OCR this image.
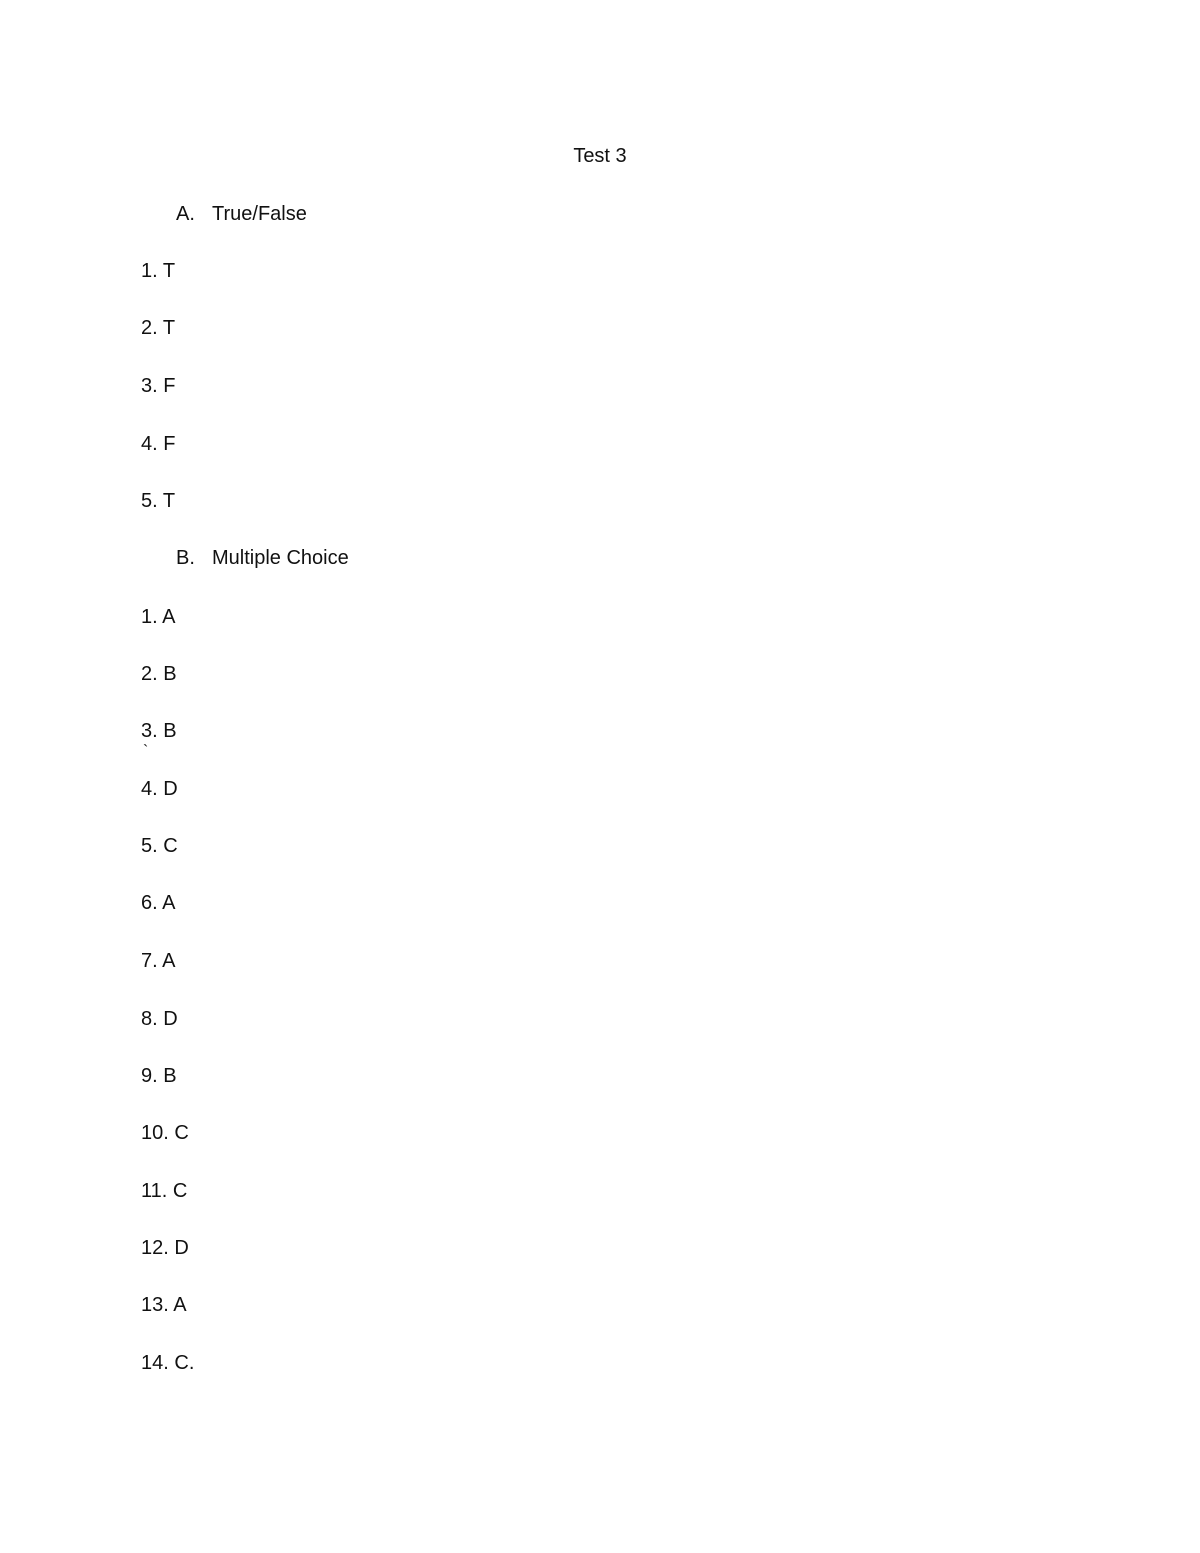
Test 3
A. True/False
1. T
2. T
3. F
4. F
5. T
B. Multiple Choice
1. A
2. B
3. B
`
4. D
5. C
6. A
7. A
8. D
9. B
10. C
11. C
12. D
13. A
14. C.
